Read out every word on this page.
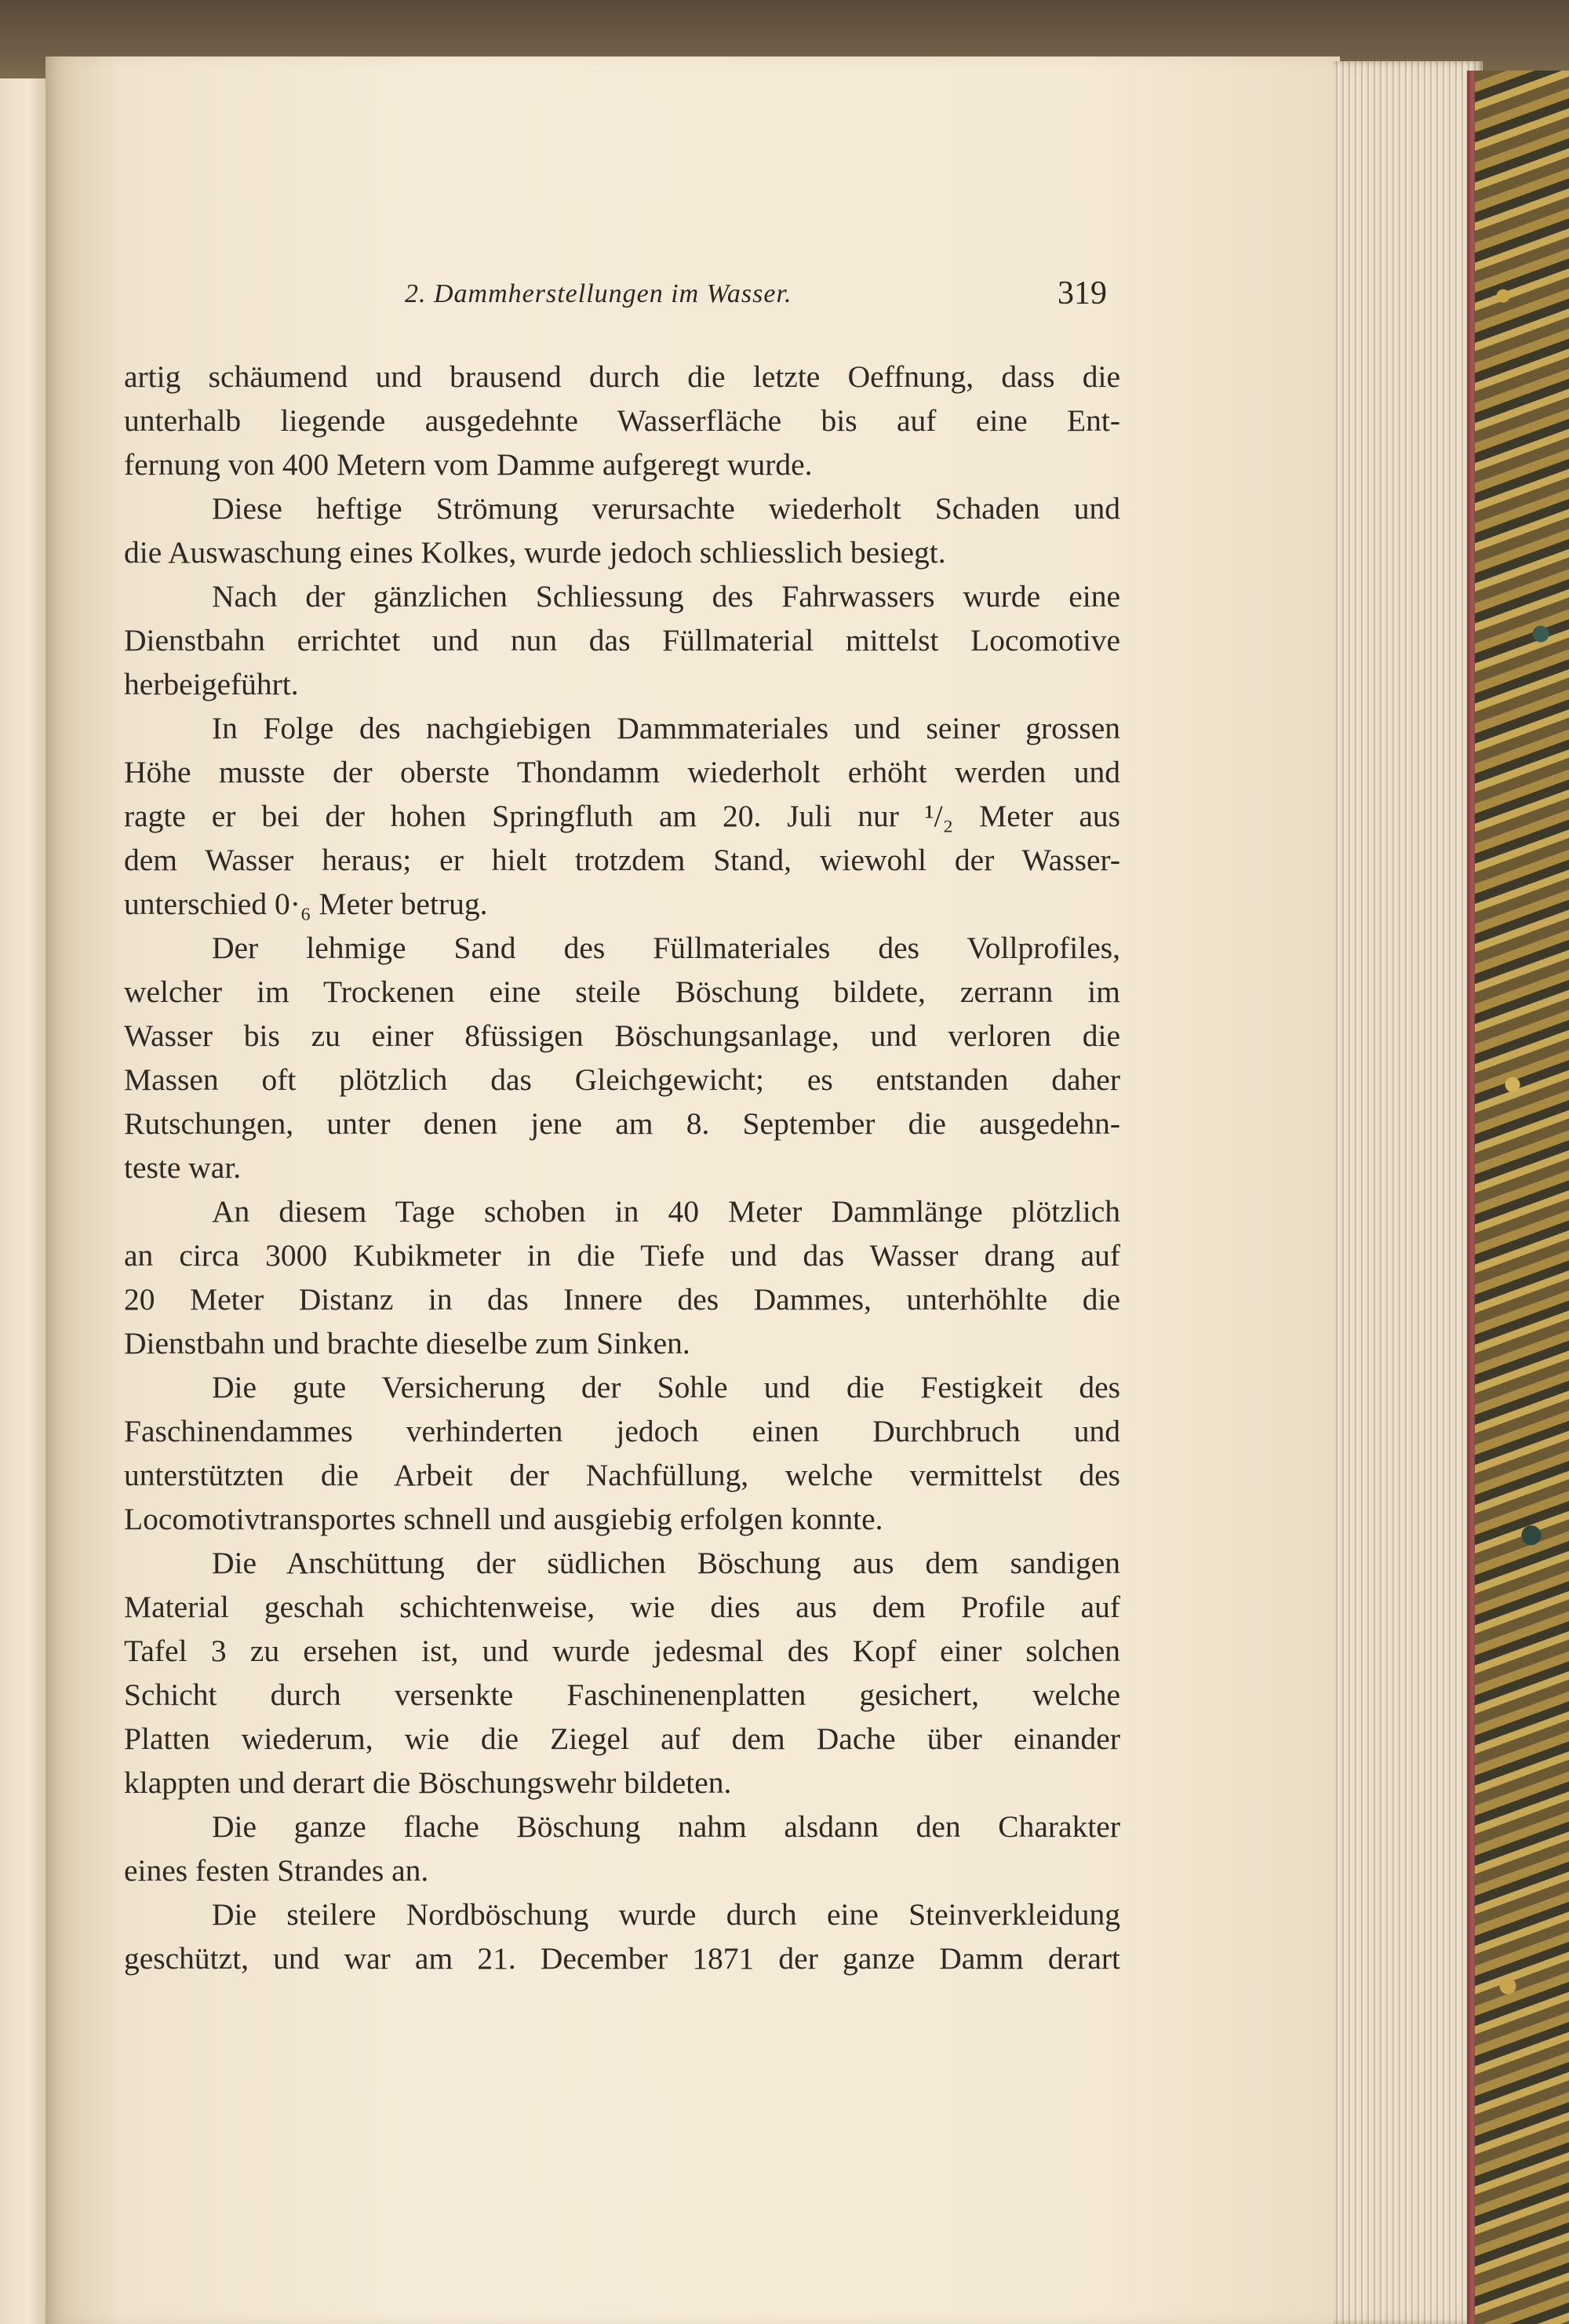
2. Dammherstellungen im Wasser.	319
artig schäumend und brausend durch die letzte Oeffnung, dass die
unterhalb liegende ausgedehnte Wasserfläche bis auf eine Ent-
fernung von 400 Metern vom Damme aufgeregt wurde.
Diese heftige Strömung verursachte wiederholt Schaden und
die Auswaschung eines Kolkes, wurde jedoch schliesslich besiegt.
Nach der gänzlichen Schliessung des Fahrwassers wurde eine
Dienstbahn errichtet und nun das Füllmaterial mittelst Locomotive
herbeigeführt.
In Folge des nachgiebigen Dammmateriales und seiner grossen
Höhe musste der oberste Thondamm wiederholt erhöht werden und
ragte er bei der hohen Springfluth am 20. Juli nur ¹/₂ Meter aus
dem Wasser heraus; er hielt trotzdem Stand, wiewohl der Wasser-
unterschied 0·₆ Meter betrug.
Der lehmige Sand des Füllmateriales des Vollprofiles,
welcher im Trockenen eine steile Böschung bildete, zerrann im
Wasser bis zu einer 8füssigen Böschungsanlage, und verloren die
Massen oft plötzlich das Gleichgewicht; es entstanden daher
Rutschungen, unter denen jene am 8. September die ausgedehn-
teste war.
An diesem Tage schoben in 40 Meter Dammlänge plötzlich
an circa 3000 Kubikmeter in die Tiefe und das Wasser drang auf
20 Meter Distanz in das Innere des Dammes, unterhöhlte die
Dienstbahn und brachte dieselbe zum Sinken.
Die gute Versicherung der Sohle und die Festigkeit des
Faschinendammes verhinderten jedoch einen Durchbruch und
unterstützten die Arbeit der Nachfüllung, welche vermittelst des
Locomotivtransportes schnell und ausgiebig erfolgen konnte.
Die Anschüttung der südlichen Böschung aus dem sandigen
Material geschah schichtenweise, wie dies aus dem Profile auf
Tafel 3 zu ersehen ist, und wurde jedesmal des Kopf einer solchen
Schicht durch versenkte Faschinenenplatten gesichert, welche
Platten wiederum, wie die Ziegel auf dem Dache über einander
klappten und derart die Böschungswehr bildeten.
Die ganze flache Böschung nahm alsdann den Charakter
eines festen Strandes an.
Die steilere Nordböschung wurde durch eine Steinverkleidung
geschützt, und war am 21. December 1871 der ganze Damm derart
